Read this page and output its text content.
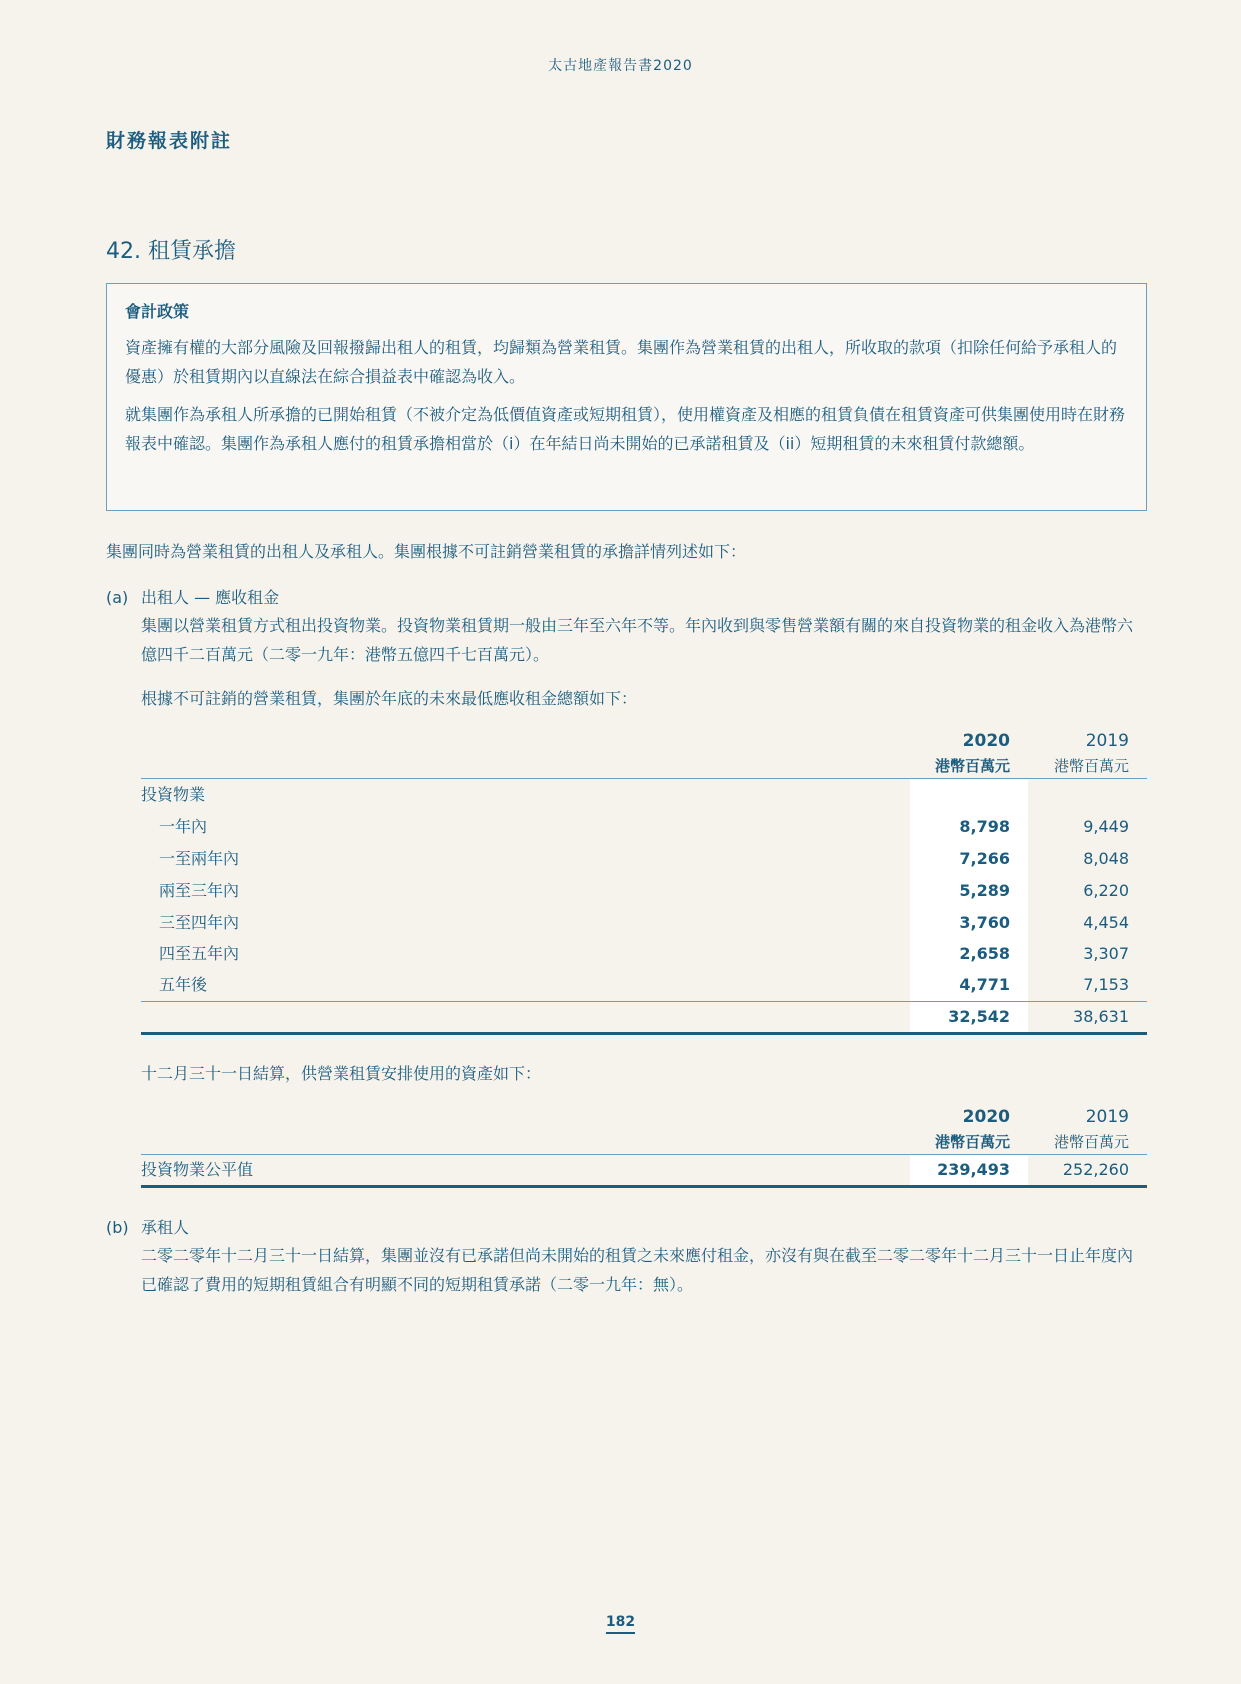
太古地產報告書2020
財務報表附註
42. 租賃承擔

會計政策

資產擁有權的大部分風險及回報撥歸出租人的租賃，均歸類為營業租賃。集團作為營業租賃的出租人，所收取的款項（扣除任何給予承租人的優惠）於租賃期內以直線法在綜合損益表中確認為收入。

就集團作為承租人所承擔的已開始租賃（不被介定為低價值資產或短期租賃），使用權資產及相應的租賃負債在租賃資產可供集團使用時在財務報表中確認。集團作為承租人應付的租賃承擔相當於（i）在年結日尚未開始的已承諾租賃及（ii）短期租賃的未來租賃付款總額。

集團同時為營業租賃的出租人及承租人。集團根據不可註銷營業租賃的承擔詳情列述如下：
(a) 出租人 — 應收租金
集團以營業租賃方式租出投資物業。投資物業租賃期一般由三年至六年不等。年內收到與零售營業額有關的來自投資物業的租金收入為港幣六億四千二百萬元（二零一九年：港幣五億四千七百萬元）。
根據不可註銷的營業租賃，集團於年底的未來最低應收租金總額如下：
2020	2019
港幣百萬元	港幣百萬元
投資物業
一年內	8,798	9,449
一至兩年內	7,266	8,048
兩至三年內	5,289	6,220
三至四年內	3,760	4,454
四至五年內	2,658	3,307
五年後	4,771	7,153
32,542	38,631
十二月三十一日結算，供營業租賃安排使用的資產如下：
2020	2019
港幣百萬元	港幣百萬元
投資物業公平值	239,493	252,260
(b) 承租人
二零二零年十二月三十一日結算，集團並沒有已承諾但尚未開始的租賃之未來應付租金，亦沒有與在截至二零二零年十二月三十一日止年度內已確認了費用的短期租賃組合有明顯不同的短期租賃承諾（二零一九年：無）。
182
